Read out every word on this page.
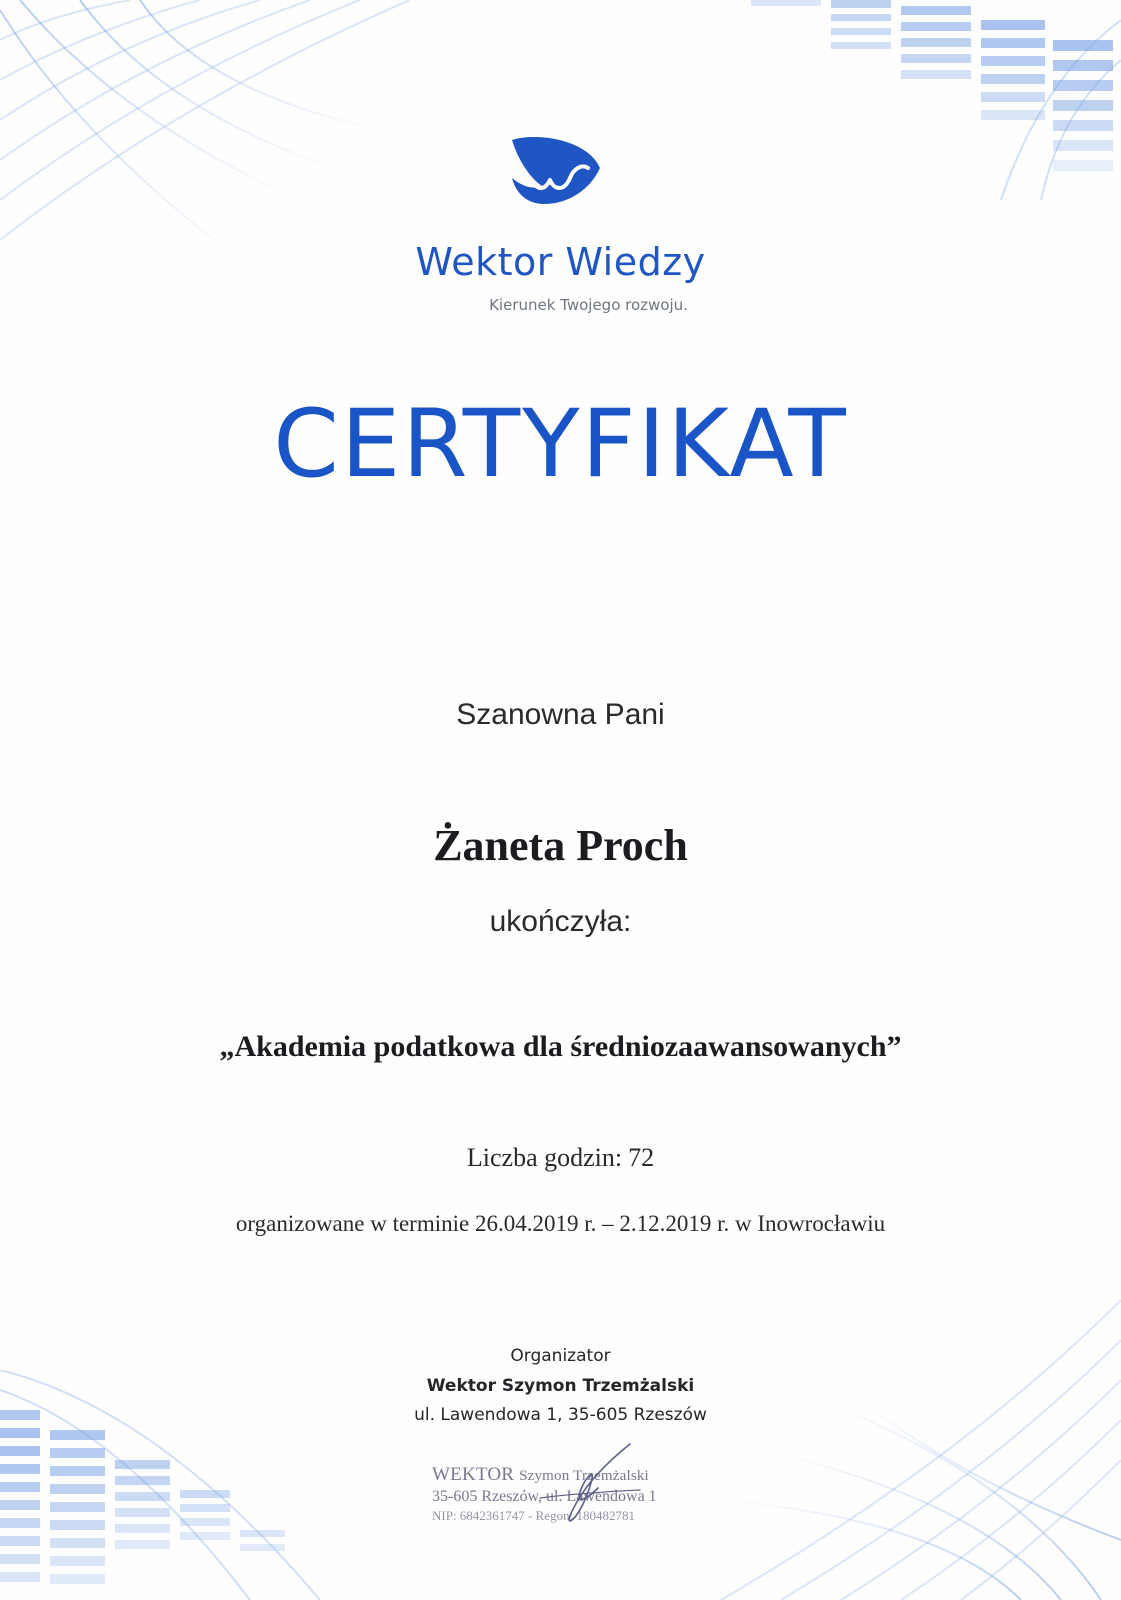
Wektor Wiedzy
Kierunek Twojego rozwoju.
CERTYFIKAT
Szanowna Pani
Żaneta Proch
ukończyła:
„Akademia podatkowa dla średniozaawansowanych”
Liczba godzin: 72
organizowane w terminie 26.04.2019 r. – 2.12.2019 r. w Inowrocławiu
Organizator
Wektor Szymon Trzemżalski
ul. Lawendowa 1, 35-605 Rzeszów
WEKTOR Szymon Trzemżalski
35-605 Rzeszów, ul. Lawendowa 1
NIP: 6842361747 - Regon: 180482781
